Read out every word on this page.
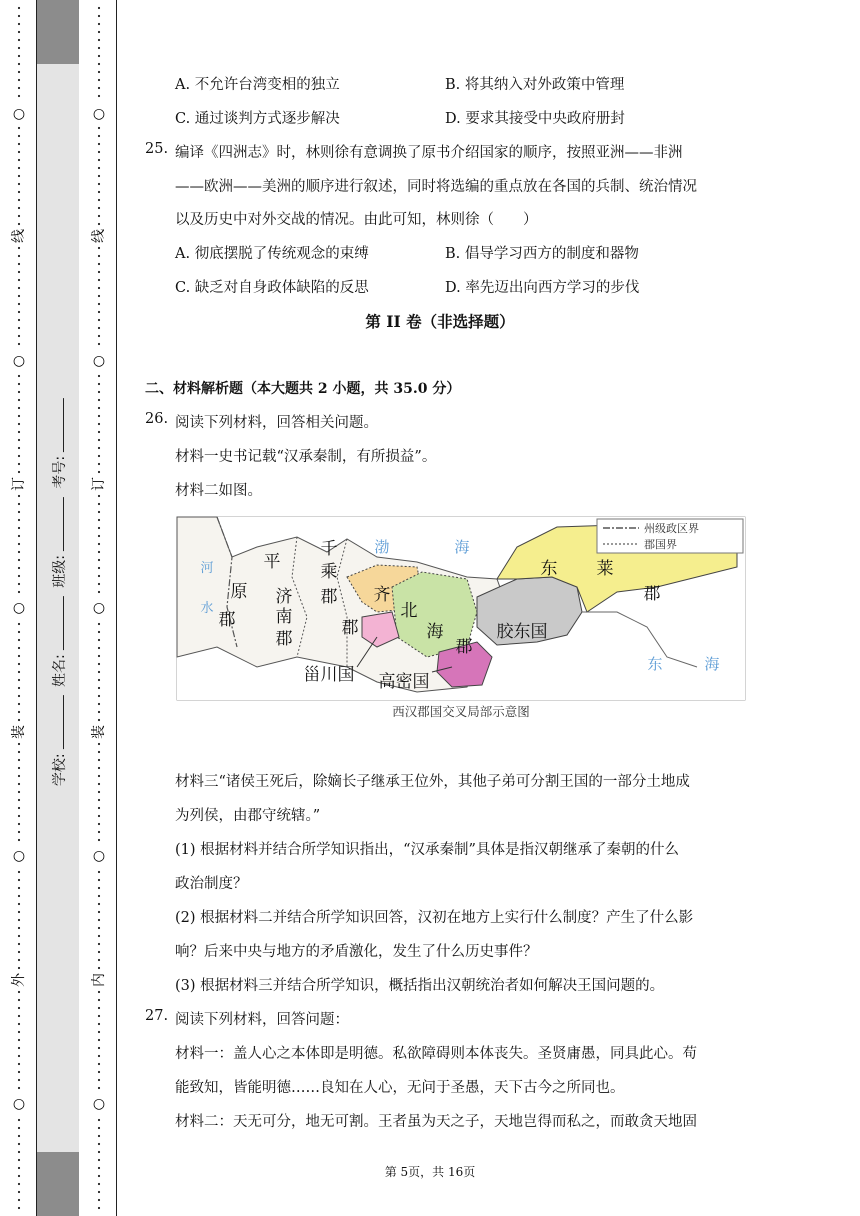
○
线
○
订
○
装
○
外
○
○
线
○
订
○
装
○
内
○
学校: 姓名: 班级: 考号:
A. 不允许台湾变相的独立	B. 将其纳入对外政策中管理
C. 通过谈判方式逐步解决	D. 要求其接受中央政府册封
25. 编译《四洲志》时，林则徐有意调换了原书介绍国家的顺序，按照亚洲——非洲
——欧洲——美洲的顺序进行叙述，同时将选编的重点放在各国的兵制、统治情况
以及历史中对外交战的情况。由此可知，林则徐（　　）
A. 彻底摆脱了传统观念的束缚	B. 倡导学习西方的制度和器物
C. 缺乏对自身政体缺陷的反思	D. 率先迈出向西方学习的步伐
第 II 卷（非选择题）
二、材料解析题（本大题共 2 小题，共 35.0 分）
26. 阅读下列材料，回答相关问题。
材料一史书记载“汉承秦制，有所损益”。
材料二如图。
材料三“诸侯王死后，除嫡长子继承王位外，其他子弟可分割王国的一部分土地成
为列侯，由郡守统辖。”
(1) 根据材料并结合所学知识指出，“汉承秦制”具体是指汉朝继承了秦朝的什么
政治制度？
(2) 根据材料二并结合所学知识回答，汉初在地方上实行什么制度？产生了什么影
响？后来中央与地方的矛盾激化，发生了什么历史事件？
(3) 根据材料三并结合所学知识，概括指出汉朝统治者如何解决王国问题的。
27. 阅读下列材料，回答问题：
材料一：盖人心之本体即是明德。私欲障碍则本体丧失。圣贤庸愚，同具此心。苟
能致知，皆能明德……良知在人心，无问于圣愚，天下古今之所同也。
材料二：天无可分，地无可割。王者虽为天之子，天地岂得而私之，而敢贪天地固
州级政区界
郡国界
渤	海
河
水
平
原
郡
济
南
郡
千
乘
郡 齐
郡
北
海
郡
胶东国
东 莱
郡
东	海
甾川国 高密国
西汉郡国交叉局部示意图
第 5页，共 16页
